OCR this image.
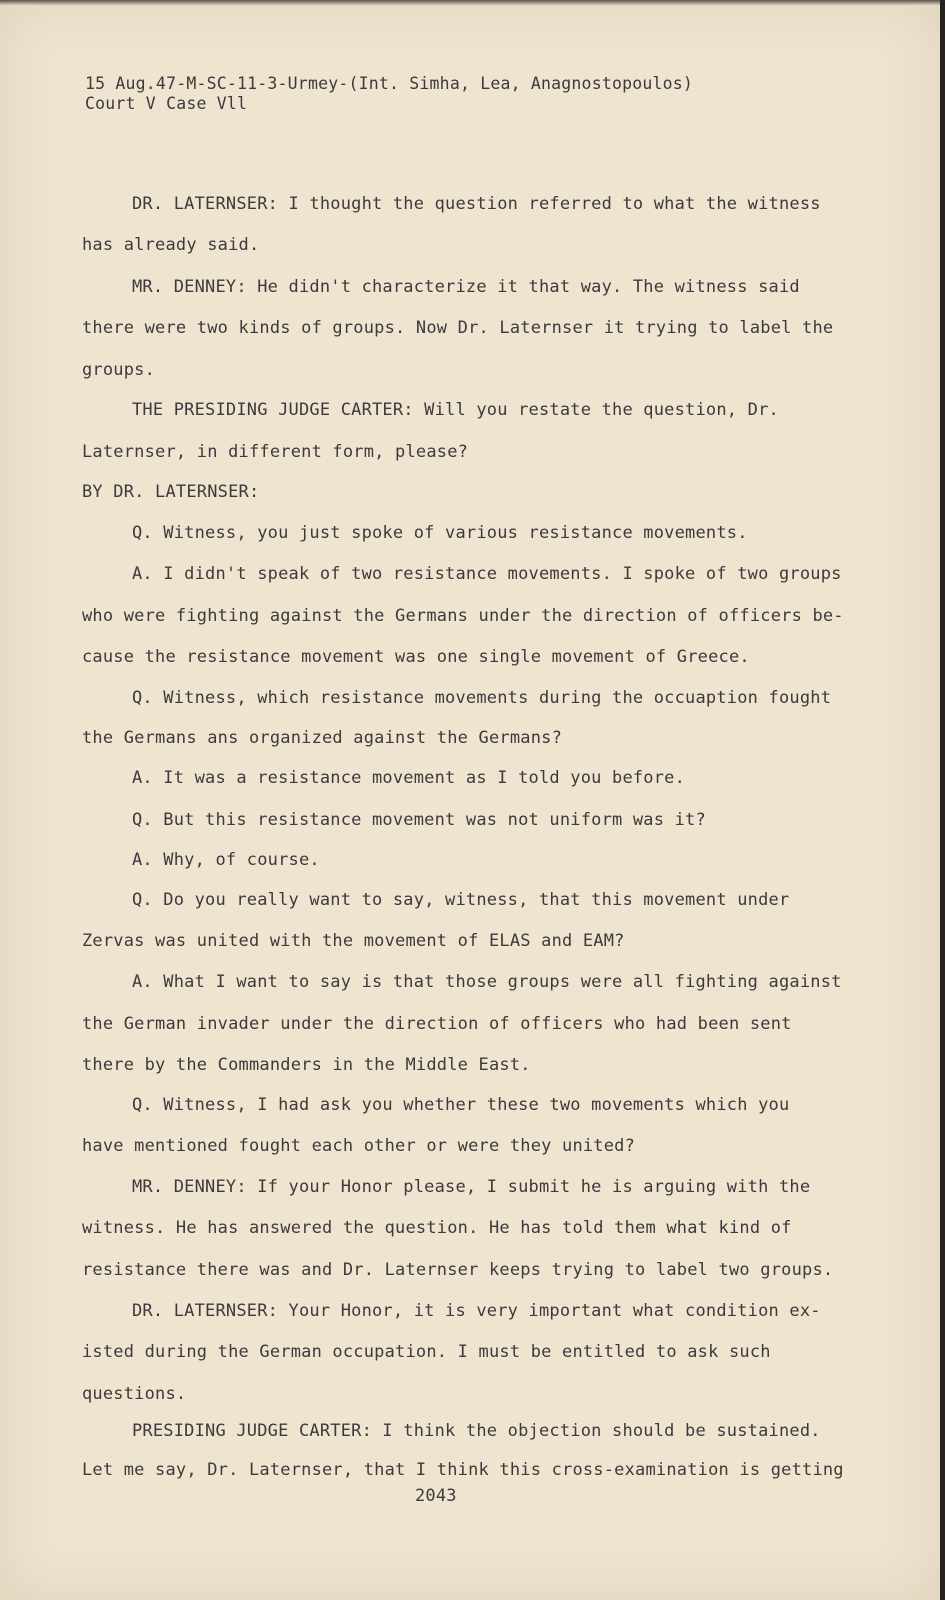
15 Aug.47-M-SC-11-3-Urmey-(Int. Simha, Lea, Anagnostopoulos)
Court V Case Vll
DR. LATERNSER: I thought the question referred to what the witness
has already said.
MR. DENNEY: He didn't characterize it that way. The witness said
there were two kinds of groups. Now Dr. Laternser it trying to label the
groups.
THE PRESIDING JUDGE CARTER: Will you restate the question, Dr.
Laternser, in different form, please?
BY DR. LATERNSER:
Q. Witness, you just spoke of various resistance movements.
A. I didn't speak of two resistance movements. I spoke of two groups
who were fighting against the Germans under the direction of officers be-
cause the resistance movement was one single movement of Greece.
Q. Witness, which resistance movements during the occuaption fought
the Germans ans organized against the Germans?
A. It was a resistance movement as I told you before.
Q. But this resistance movement was not uniform was it?
A. Why, of course.
Q. Do you really want to say, witness, that this movement under
Zervas was united with the movement of ELAS and EAM?
A. What I want to say is that those groups were all fighting against
the German invader under the direction of officers who had been sent
there by the Commanders in the Middle East.
Q. Witness, I had ask you whether these two movements which you
have mentioned fought each other or were they united?
MR. DENNEY: If your Honor please, I submit he is arguing with the
witness. He has answered the question. He has told them what kind of
resistance there was and Dr. Laternser keeps trying to label two groups.
DR. LATERNSER: Your Honor, it is very important what condition ex-
isted during the German occupation. I must be entitled to ask such
questions.
PRESIDING JUDGE CARTER: I think the objection should be sustained.
Let me say, Dr. Laternser, that I think this cross-examination is getting
2043
